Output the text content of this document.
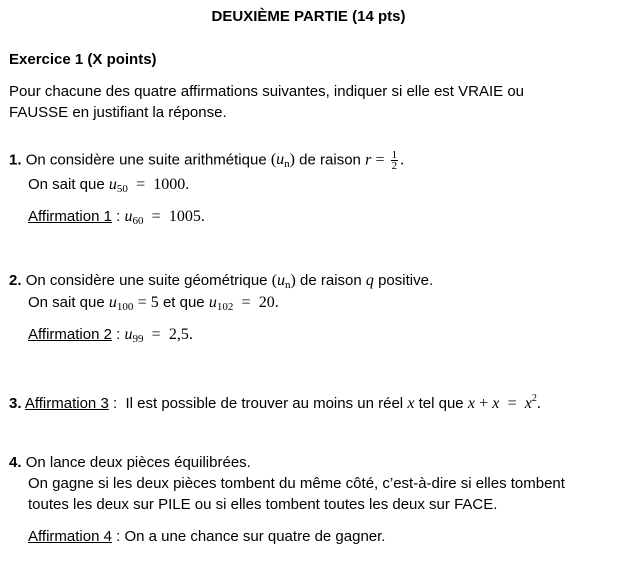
DEUXIÈME PARTIE (14 pts)
Exercice 1 (X points)
Pour chacune des quatre affirmations suivantes, indiquer si elle est VRAIE ou
FAUSSE en justifiant la réponse.
1. On considère une suite arithmétique $(u_n)$ de raison $r = \frac{1}{2}$ .
On sait que $u_{50} = 1000$.
Affirmation 1 : $u_{60} = 1005$.
2. On considère une suite géométrique $(u_n)$ de raison q positive.
On sait que $u_{100} = 5$ et que $u_{102} = 20$.
Affirmation 2 : $u_{99} = 2,5$.
3. Affirmation 3 :  Il est possible de trouver au moins un réel x tel que $x + x = x^2$.
4. On lance deux pièces équilibrées.
On gagne si les deux pièces tombent du même côté, c’est-à-dire si elles tombent
toutes les deux sur PILE ou si elles tombent toutes les deux sur FACE.
Affirmation 4 : On a une chance sur quatre de gagner.
